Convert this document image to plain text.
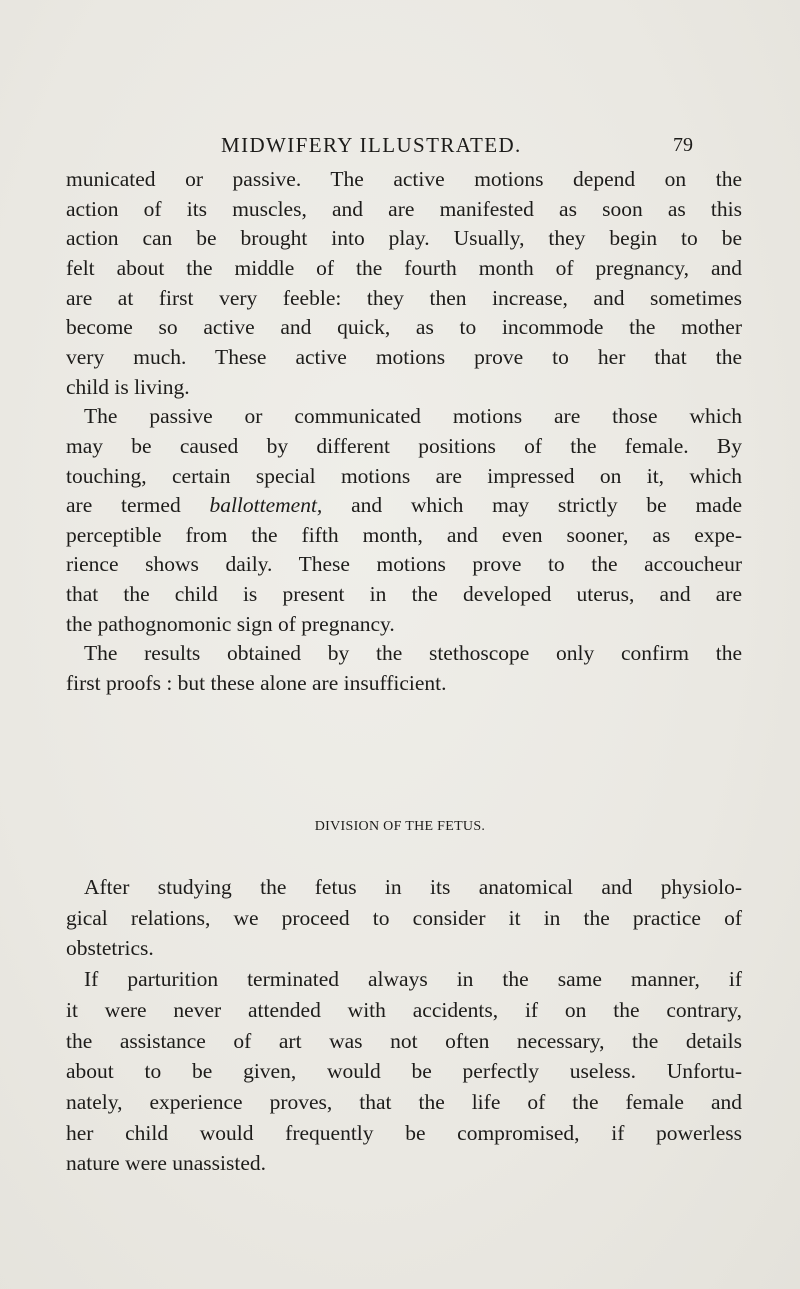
MIDWIFERY ILLUSTRATED.	79
municated or passive. The active motions depend on the
action of its muscles, and are manifested as soon as this
action can be brought into play. Usually, they begin to be
felt about the middle of the fourth month of pregnancy, and
are at first very feeble: they then increase, and sometimes
become so active and quick, as to incommode the mother
very much. These active motions prove to her that the
child is living.
The passive or communicated motions are those which
may be caused by different positions of the female. By
touching, certain special motions are impressed on it, which
are termed ballottement, and which may strictly be made
perceptible from the fifth month, and even sooner, as expe-
rience shows daily. These motions prove to the accoucheur
that the child is present in the developed uterus, and are
the pathognomonic sign of pregnancy.
The results obtained by the stethoscope only confirm the
first proofs : but these alone are insufficient.
DIVISION OF THE FETUS.
After studying the fetus in its anatomical and physiolo-
gical relations, we proceed to consider it in the practice of
obstetrics.
If parturition terminated always in the same manner, if
it were never attended with accidents, if on the contrary,
the assistance of art was not often necessary, the details
about to be given, would be perfectly useless. Unfortu-
nately, experience proves, that the life of the female and
her child would frequently be compromised, if powerless
nature were unassisted.
